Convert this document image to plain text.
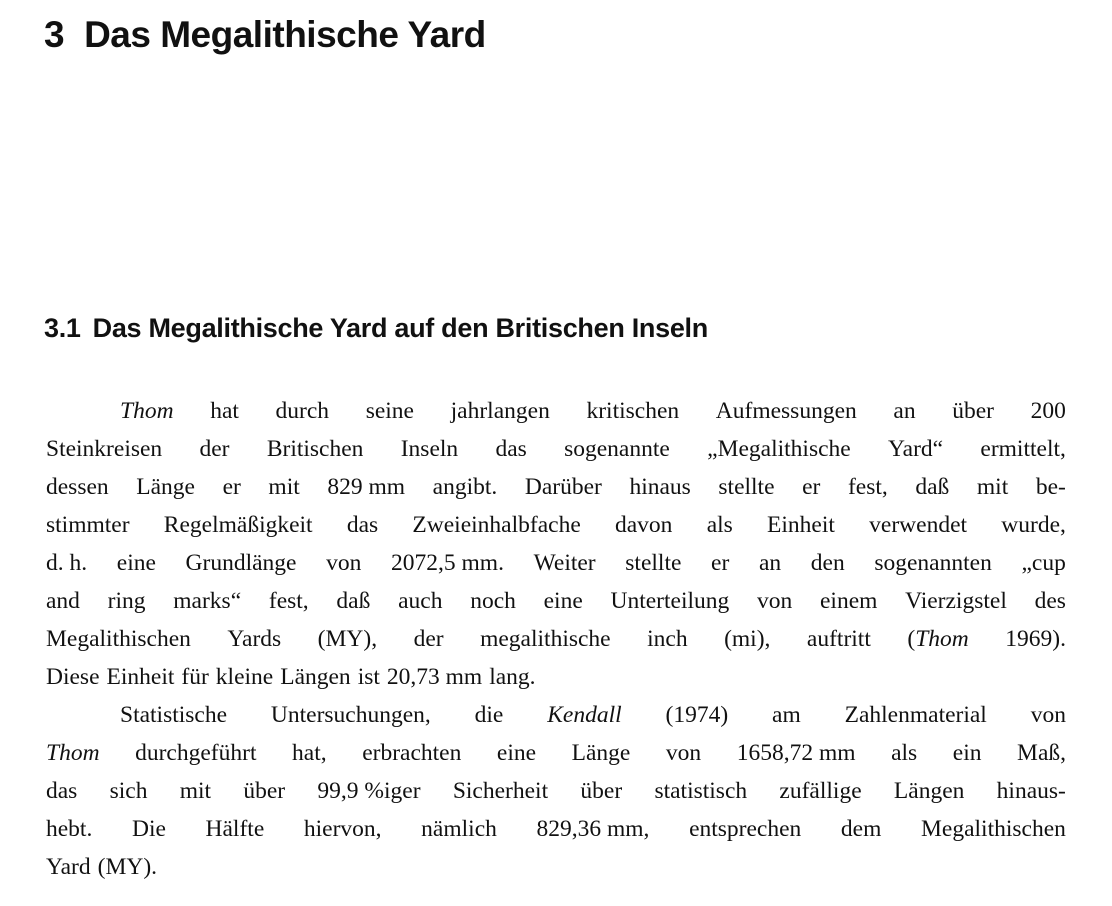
3 Das Megalithische Yard
3.1 Das Megalithische Yard auf den Britischen Inseln
Thom hat durch seine jahrlangen kritischen Aufmessungen an über 200
Steinkreisen der Britischen Inseln das sogenannte „Megalithische Yard“ ermittelt,
dessen Länge er mit 829 mm angibt. Darüber hinaus stellte er fest, daß mit be-
stimmter Regelmäßigkeit das Zweieinhalbfache davon als Einheit verwendet wurde,
d. h. eine Grundlänge von 2072,5 mm. Weiter stellte er an den sogenannten „cup
and ring marks“ fest, daß auch noch eine Unterteilung von einem Vierzigstel des
Megalithischen Yards (MY), der megalithische inch (mi), auftritt (Thom 1969).
Diese Einheit für kleine Längen ist 20,73 mm lang.
Statistische Untersuchungen, die Kendall (1974) am Zahlenmaterial von
Thom durchgeführt hat, erbrachten eine Länge von 1658,72 mm als ein Maß,
das sich mit über 99,9 %iger Sicherheit über statistisch zufällige Längen hinaus-
hebt. Die Hälfte hiervon, nämlich 829,36 mm, entsprechen dem Megalithischen
Yard (MY).
